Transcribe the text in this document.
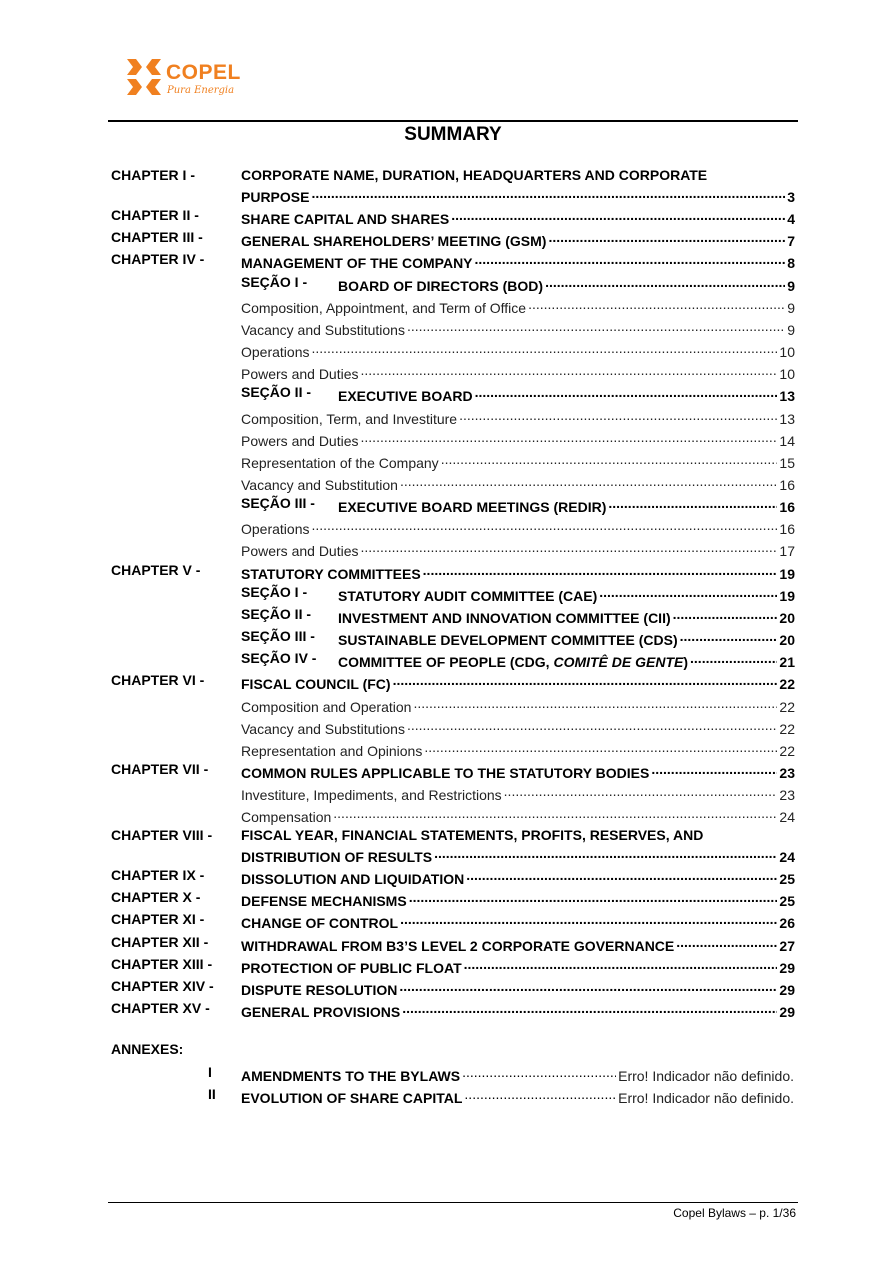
COPEL
Pura Energia
SUMMARY
CHAPTER I -	CORPORATE NAME, DURATION, HEADQUARTERS AND CORPORATE
PURPOSE .....	3
CHAPTER II -	SHARE CAPITAL AND SHARES .....	4
CHAPTER III -	GENERAL SHAREHOLDERS’ MEETING (GSM) .....	7
CHAPTER IV -	MANAGEMENT OF THE COMPANY .....	8
SEÇÃO I - BOARD OF DIRECTORS (BOD) .....	9
Composition, Appointment, and Term of Office .....	9
Vacancy and Substitutions .....	9
Operations .....	10
Powers and Duties .....	10
SEÇÃO II - EXECUTIVE BOARD .....	13
Composition, Term, and Investiture .....	13
Powers and Duties .....	14
Representation of the Company .....	15
Vacancy and Substitution .....	16
SEÇÃO III - EXECUTIVE BOARD MEETINGS (REDIR) .....	16
Operations .....	16
Powers and Duties .....	17
CHAPTER V -	STATUTORY COMMITTEES .....	19
SEÇÃO I - STATUTORY AUDIT COMMITTEE (CAE) .....	19
SEÇÃO II - INVESTMENT AND INNOVATION COMMITTEE (CII) .....	20
SEÇÃO III - SUSTAINABLE DEVELOPMENT COMMITTEE (CDS) .....	20
SEÇÃO IV - COMMITTEE OF PEOPLE (CDG, COMITÊ DE GENTE) .....	21
CHAPTER VI -	FISCAL COUNCIL (FC) .....	22
Composition and Operation .....	22
Vacancy and Substitutions .....	22
Representation and Opinions .....	22
CHAPTER VII - COMMON RULES APPLICABLE TO THE STATUTORY BODIES .....	23
Investiture, Impediments, and Restrictions .....	23
Compensation .....	24
CHAPTER VIII - FISCAL YEAR, FINANCIAL STATEMENTS, PROFITS, RESERVES, AND
DISTRIBUTION OF RESULTS .....	24
CHAPTER IX -	DISSOLUTION AND LIQUIDATION .....	25
CHAPTER X -	DEFENSE MECHANISMS .....	25
CHAPTER XI -	CHANGE OF CONTROL .....	26
CHAPTER XII - WITHDRAWAL FROM B3’S LEVEL 2 CORPORATE GOVERNANCE .....	27
CHAPTER XIII - PROTECTION OF PUBLIC FLOAT .....	29
CHAPTER XIV - DISPUTE RESOLUTION .....	29
CHAPTER XV - GENERAL PROVISIONS .....	29
ANNEXES:
I AMENDMENTS TO THE BYLAWS .....	Erro! Indicador não definido.
II EVOLUTION OF SHARE CAPITAL .....	Erro! Indicador não definido.
Copel Bylaws – p. 1/36
